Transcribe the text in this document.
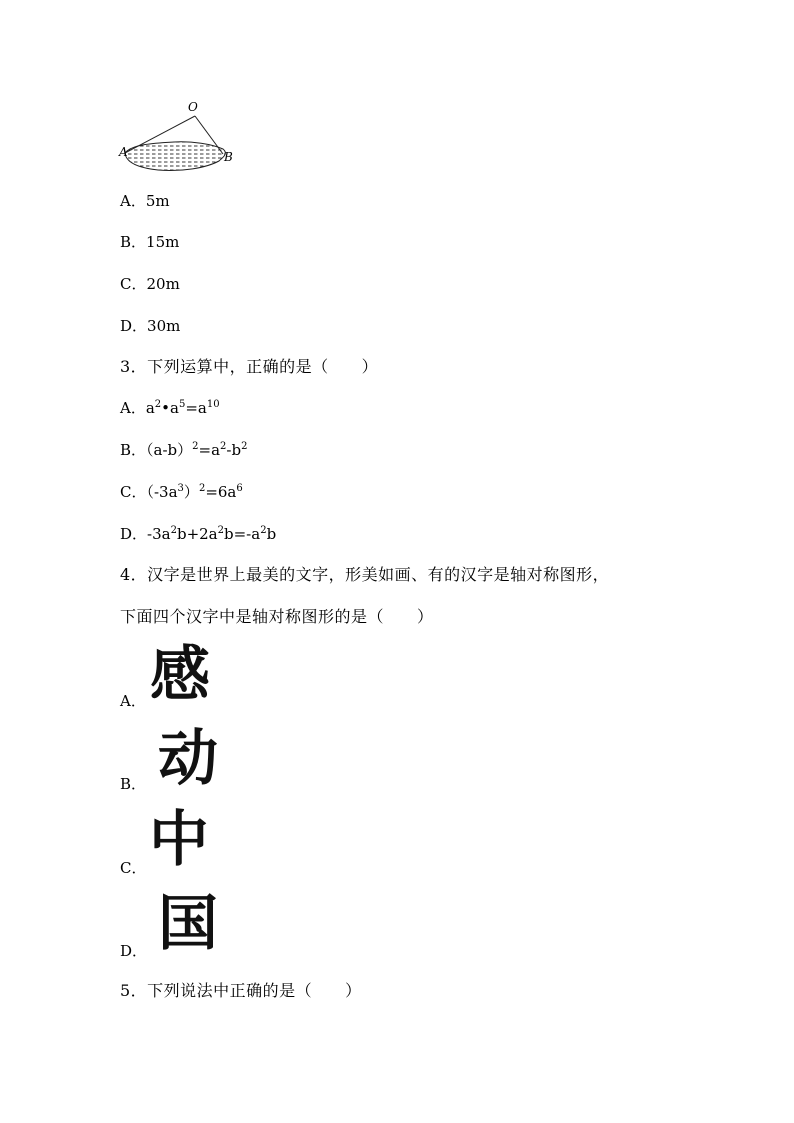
O
A	B
A．5m
B．15m
C．20m
D．30m
3．下列运算中，正确的是（　　）
A．$a^2•a^5=a^{10}$
B．$(a-b)^2=a^2-b^2$
C．$(-3a^3)^2=6a^6$
D．$-3a^2b+2a^2b=-a^2b$
4．汉字是世界上最美的文字，形美如画、有的汉字是轴对称图形，
下面四个汉字中是轴对称图形的是（　　）
A． 感
B． 动
C． 中
D． 国
5．下列说法中正确的是（　　）
